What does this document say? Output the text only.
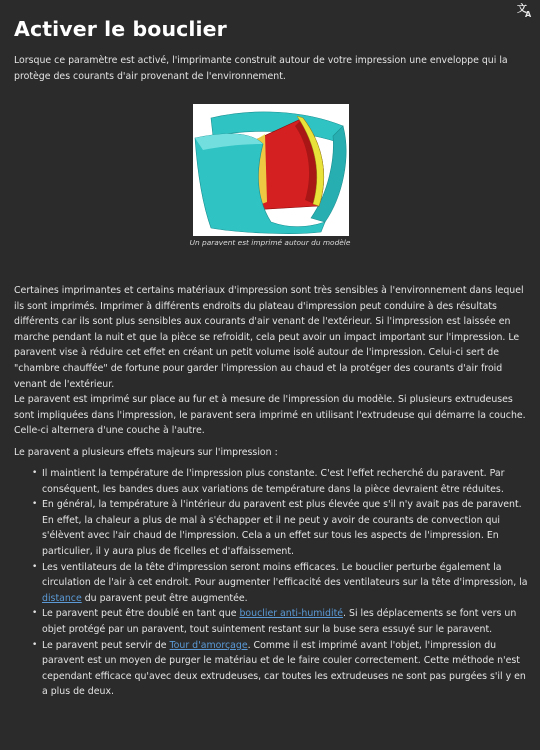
文
A
Activer le bouclier

Lorsque ce paramètre est activé, l'imprimante construit autour de votre impression une enveloppe qui la protège des courants d'air provenant de l'environnement.

Un paravent est imprimé autour du modèle

Certaines imprimantes et certains matériaux d'impression sont très sensibles à l'environnement dans lequel ils sont imprimés. Imprimer à différents endroits du plateau d'impression peut conduire à des résultats différents car ils sont plus sensibles aux courants d'air venant de l'extérieur. Si l'impression est laissée en marche pendant la nuit et que la pièce se refroidit, cela peut avoir un impact important sur l'impression. Le paravent vise à réduire cet effet en créant un petit volume isolé autour de l'impression. Celui-ci sert de "chambre chauffée" de fortune pour garder l'impression au chaud et la protéger des courants d'air froid venant de l'extérieur.

Le paravent est imprimé sur place au fur et à mesure de l'impression du modèle. Si plusieurs extrudeuses sont impliquées dans l'impression, le paravent sera imprimé en utilisant l'extrudeuse qui démarre la couche. Celle-ci alternera d'une couche à l'autre.

Le paravent a plusieurs effets majeurs sur l'impression :

• Il maintient la température de l'impression plus constante. C'est l'effet recherché du paravent. Par conséquent, les bandes dues aux variations de température dans la pièce devraient être réduites.
• En général, la température à l'intérieur du paravent est plus élevée que s'il n'y avait pas de paravent. En effet, la chaleur a plus de mal à s'échapper et il ne peut y avoir de courants de convection qui s'élèvent avec l'air chaud de l'impression. Cela a un effet sur tous les aspects de l'impression. En particulier, il y aura plus de ficelles et d'affaissement.
• Les ventilateurs de la tête d'impression seront moins efficaces. Le bouclier perturbe également la circulation de l'air à cet endroit. Pour augmenter l'efficacité des ventilateurs sur la tête d'impression, la distance du paravent peut être augmentée.
• Le paravent peut être doublé en tant que bouclier anti-humidité. Si les déplacements se font vers un objet protégé par un paravent, tout suintement restant sur la buse sera essuyé sur le paravent.
• Le paravent peut servir de Tour d'amorçage. Comme il est imprimé avant l'objet, l'impression du paravent est un moyen de purger le matériau et de le faire couler correctement. Cette méthode n'est cependant efficace qu'avec deux extrudeuses, car toutes les extrudeuses ne sont pas purgées s'il y en a plus de deux.
